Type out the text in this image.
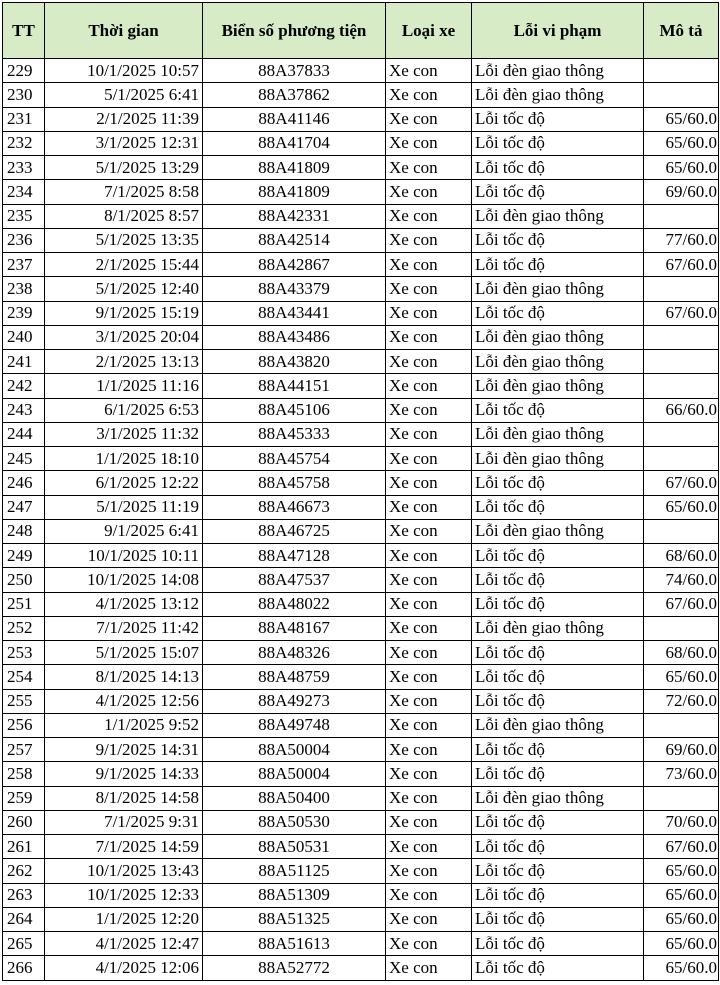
TT	Thời gian	Biển số phương tiện	Loại xe	Lỗi vi phạm	Mô tả
229	10/1/2025 10:57	88A37833	Xe con	Lỗi đèn giao thông	
230	5/1/2025 6:41	88A37862	Xe con	Lỗi đèn giao thông	
231	2/1/2025 11:39	88A41146	Xe con	Lỗi tốc độ	65/60.0
232	3/1/2025 12:31	88A41704	Xe con	Lỗi tốc độ	65/60.0
233	5/1/2025 13:29	88A41809	Xe con	Lỗi tốc độ	65/60.0
234	7/1/2025 8:58	88A41809	Xe con	Lỗi tốc độ	69/60.0
235	8/1/2025 8:57	88A42331	Xe con	Lỗi đèn giao thông	
236	5/1/2025 13:35	88A42514	Xe con	Lỗi tốc độ	77/60.0
237	2/1/2025 15:44	88A42867	Xe con	Lỗi tốc độ	67/60.0
238	5/1/2025 12:40	88A43379	Xe con	Lỗi đèn giao thông	
239	9/1/2025 15:19	88A43441	Xe con	Lỗi tốc độ	67/60.0
240	3/1/2025 20:04	88A43486	Xe con	Lỗi đèn giao thông	
241	2/1/2025 13:13	88A43820	Xe con	Lỗi đèn giao thông	
242	1/1/2025 11:16	88A44151	Xe con	Lỗi đèn giao thông	
243	6/1/2025 6:53	88A45106	Xe con	Lỗi tốc độ	66/60.0
244	3/1/2025 11:32	88A45333	Xe con	Lỗi đèn giao thông	
245	1/1/2025 18:10	88A45754	Xe con	Lỗi đèn giao thông	
246	6/1/2025 12:22	88A45758	Xe con	Lỗi tốc độ	67/60.0
247	5/1/2025 11:19	88A46673	Xe con	Lỗi tốc độ	65/60.0
248	9/1/2025 6:41	88A46725	Xe con	Lỗi đèn giao thông	
249	10/1/2025 10:11	88A47128	Xe con	Lỗi tốc độ	68/60.0
250	10/1/2025 14:08	88A47537	Xe con	Lỗi tốc độ	74/60.0
251	4/1/2025 13:12	88A48022	Xe con	Lỗi tốc độ	67/60.0
252	7/1/2025 11:42	88A48167	Xe con	Lỗi đèn giao thông	
253	5/1/2025 15:07	88A48326	Xe con	Lỗi tốc độ	68/60.0
254	8/1/2025 14:13	88A48759	Xe con	Lỗi tốc độ	65/60.0
255	4/1/2025 12:56	88A49273	Xe con	Lỗi tốc độ	72/60.0
256	1/1/2025 9:52	88A49748	Xe con	Lỗi đèn giao thông	
257	9/1/2025 14:31	88A50004	Xe con	Lỗi tốc độ	69/60.0
258	9/1/2025 14:33	88A50004	Xe con	Lỗi tốc độ	73/60.0
259	8/1/2025 14:58	88A50400	Xe con	Lỗi đèn giao thông	
260	7/1/2025 9:31	88A50530	Xe con	Lỗi tốc độ	70/60.0
261	7/1/2025 14:59	88A50531	Xe con	Lỗi tốc độ	67/60.0
262	10/1/2025 13:43	88A51125	Xe con	Lỗi tốc độ	65/60.0
263	10/1/2025 12:33	88A51309	Xe con	Lỗi tốc độ	65/60.0
264	1/1/2025 12:20	88A51325	Xe con	Lỗi tốc độ	65/60.0
265	4/1/2025 12:47	88A51613	Xe con	Lỗi tốc độ	65/60.0
266	4/1/2025 12:06	88A52772	Xe con	Lỗi tốc độ	65/60.0
